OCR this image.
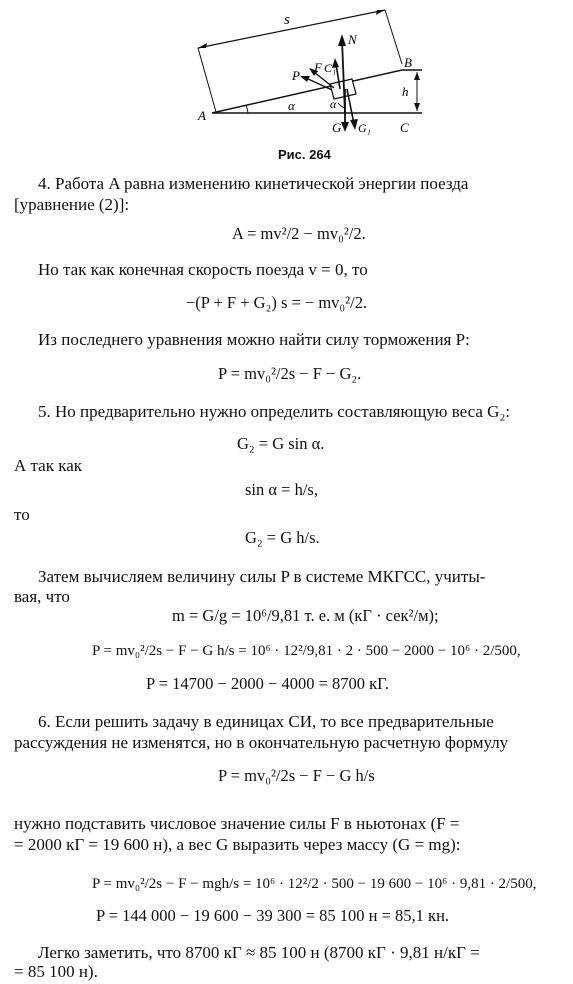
s
N
C₁
P
F	B
h
A
α	α
G G₁ C
Рис. 264
4. Работа A равна изменению кинетической энергии поезда
[уравнение (2)]:
A = mv²/2 − mv₀²/2.
Но так как конечная скорость поезда v = 0, то
−(P + F + G₂) s = − mv₀²/2.
Из последнего уравнения можно найти силу торможения P:
P = mv₀²/2s − F − G₂.
5. Но предварительно нужно определить составляющую веса G₂:
G₂ = G sin α.
А так как
sin α = h/s,
то
G₂ = G h/s.
Затем вычисляем величину силы P в системе МКГСС, учиты-
вая, что
m = G/g = 10⁶/9,81 т. е. м (кГ · сек²/м);
P = mv₀²/2s − F − G h/s = 10⁶ · 12²/9,81 · 2 · 500 − 2000 − 10⁶ · 2/500,
P = 14700 − 2000 − 4000 = 8700 кГ.
6. Если решить задачу в единицах СИ, то все предварительные
рассуждения не изменятся, но в окончательную расчетную формулу
P = mv₀²/2s − F − G h/s
нужно подставить числовое значение силы F в ньютонах (F =
= 2000 кГ = 19 600 н), а вес G выразить через массу (G = mg):
P = mv₀²/2s − F − mgh/s = 10⁶ · 12²/2 · 500 − 19 600 − 10⁶ · 9,81 · 2/500,
P = 144 000 − 19 600 − 39 300 = 85 100 н = 85,1 кн.
Легко заметить, что 8700 кГ ≈ 85 100 н (8700 кГ · 9,81 н/кГ =
= 85 100 н).
